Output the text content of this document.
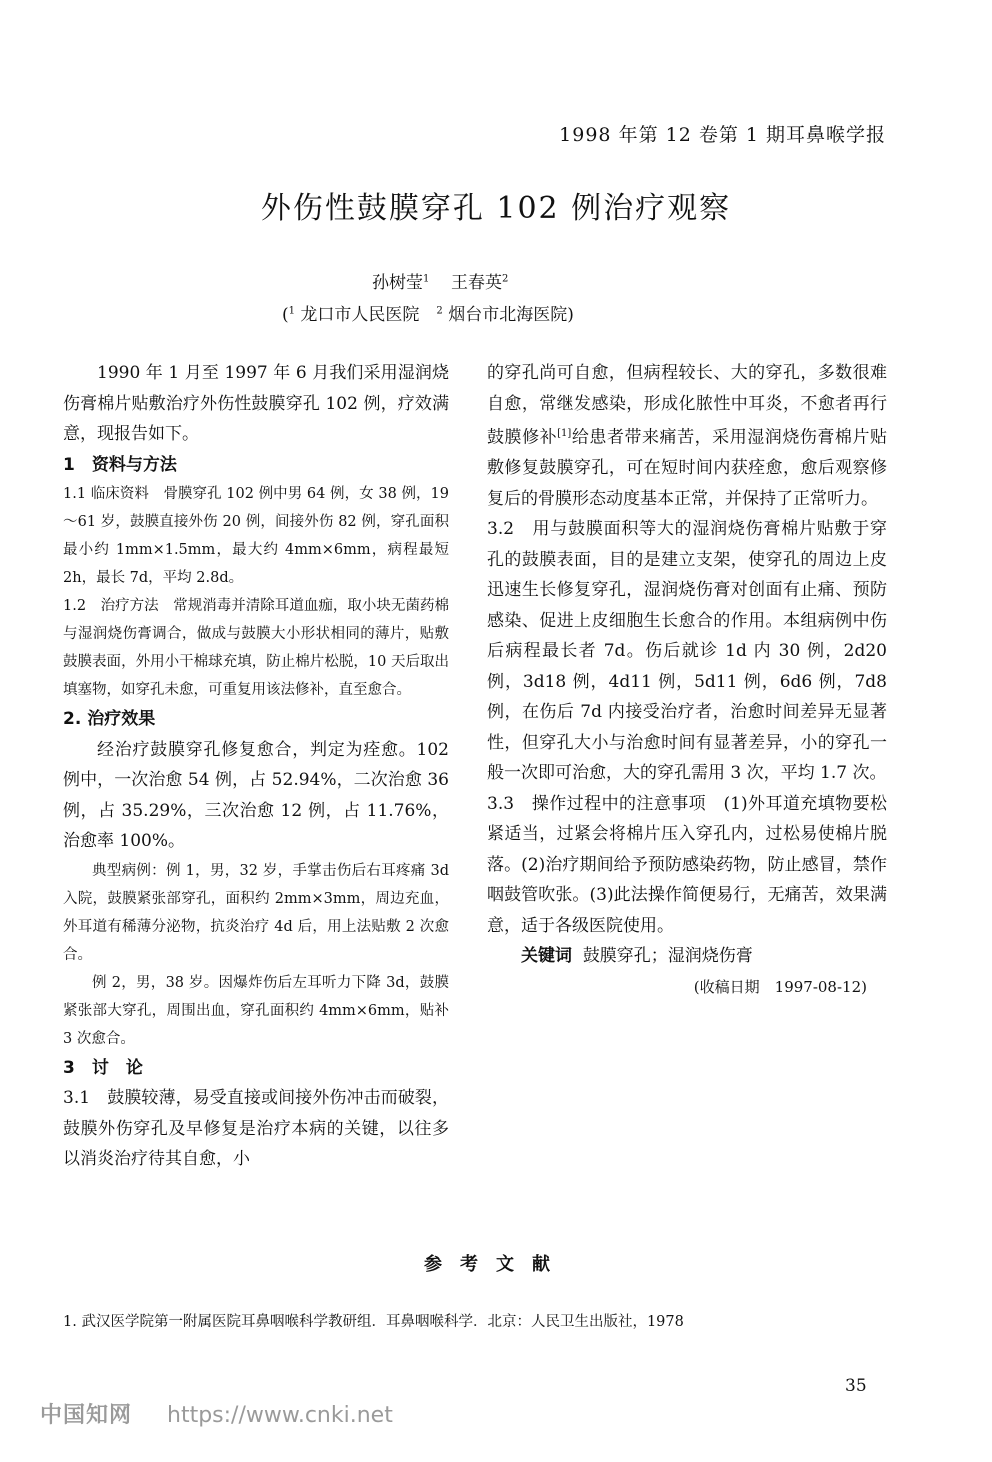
1998 年第 12 卷第 1 期耳鼻喉学报
外伤性鼓膜穿孔 102 例治疗观察
孙树莹$^1$ 王春英$^2$
($^1$ 龙口市人民医院　$^2$ 烟台市北海医院)

1990 年 1 月至 1997 年 6 月我们采用湿润烧伤膏棉片贴敷治疗外伤性鼓膜穿孔 102 例，疗效满意，现报告如下。

1　资料与方法

1.1 临床资料　骨膜穿孔 102 例中男 64 例，女 38 例，19～61 岁，鼓膜直接外伤 20 例，间接外伤 82 例，穿孔面积最小约 1mm×1.5mm，最大约 4mm×6mm，病程最短 2h，最长 7d，平均 2.8d。

1.2　治疗方法　常规消毒并清除耳道血痂，取小块无菌药棉与湿润烧伤膏调合，做成与鼓膜大小形状相同的薄片，贴敷鼓膜表面，外用小干棉球充填，防止棉片松脱，10 天后取出填塞物，如穿孔未愈，可重复用该法修补，直至愈合。

2. 治疗效果

经治疗鼓膜穿孔修复愈合，判定为痊愈。102 例中，一次治愈 54 例，占 52.94%，二次治愈 36 例，占 35.29%，三次治愈 12 例，占 11.76%，治愈率 100%。

典型病例：例 1，男，32 岁，手掌击伤后右耳疼痛 3d 入院，鼓膜紧张部穿孔，面积约 2mm×3mm，周边充血，外耳道有稀薄分泌物，抗炎治疗 4d 后，用上法贴敷 2 次愈合。

例 2，男，38 岁。因爆炸伤后左耳听力下降 3d，鼓膜紧张部大穿孔，周围出血，穿孔面积约 4mm×6mm，贴补 3 次愈合。

3　讨　论

3.1　鼓膜较薄，易受直接或间接外伤冲击而破裂，鼓膜外伤穿孔及早修复是治疗本病的关键，以往多以消炎治疗待其自愈，小

的穿孔尚可自愈，但病程较长、大的穿孔，多数很难自愈，常继发感染，形成化脓性中耳炎，不愈者再行鼓膜修补[1]给患者带来痛苦，采用湿润烧伤膏棉片贴敷修复鼓膜穿孔，可在短时间内获痊愈，愈后观察修复后的骨膜形态动度基本正常，并保持了正常听力。

3.2　用与鼓膜面积等大的湿润烧伤膏棉片贴敷于穿孔的鼓膜表面，目的是建立支架，使穿孔的周边上皮迅速生长修复穿孔，湿润烧伤膏对创面有止痛、预防感染、促进上皮细胞生长愈合的作用。本组病例中伤后病程最长者 7d。伤后就诊 1d 内 30 例，2d20 例，3d18 例，4d11 例，5d11 例，6d6 例，7d8 例，在伤后 7d 内接受治疗者，治愈时间差异无显著性，但穿孔大小与治愈时间有显著差异，小的穿孔一般一次即可治愈，大的穿孔需用 3 次，平均 1.7 次。

3.3　操作过程中的注意事项　(1)外耳道充填物要松紧适当，过紧会将棉片压入穿孔内，过松易使棉片脱落。(2)治疗期间给予预防感染药物，防止感冒，禁作咽鼓管吹张。(3)此法操作简便易行，无痛苦，效果满意，适于各级医院使用。

关键词 鼓膜穿孔；湿润烧伤膏

(收稿日期　1997-08-12)

参考文献
1. 武汉医学院第一附属医院耳鼻咽喉科学教研组．耳鼻咽喉科学．北京：人民卫生出版社，1978
35
中国知网 https://www.cnki.net
